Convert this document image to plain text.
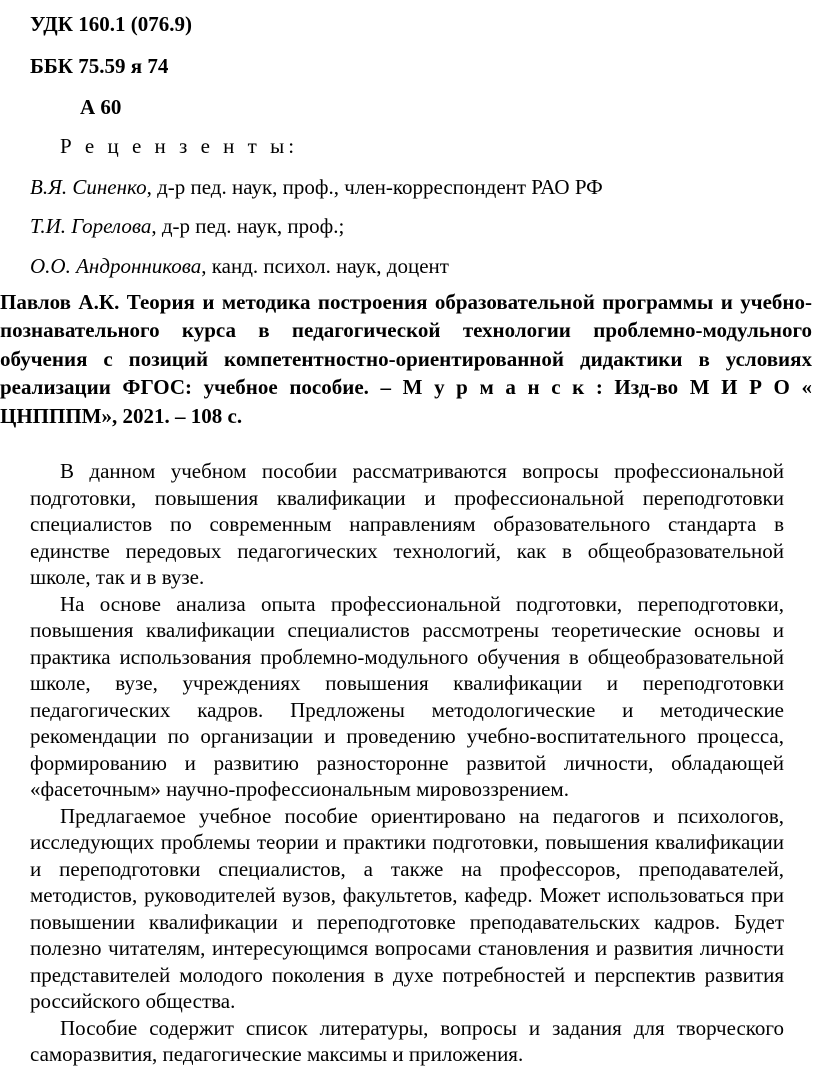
УДК 160.1 (076.9)
ББК 75.59 я 74
А 60
Р е ц е н з е н т ы:
В.Я. Синенко, д-р пед. наук, проф., член-корреспондент РАО РФ
Т.И. Горелова, д-р пед. наук, проф.;
О.О. Андронникова, канд. психол. наук, доцент
Павлов А.К. Теория и методика построения образовательной программы и учебно-познавательного курса в педагогической технологии проблемно-модульного обучения с позиций компетентностно-ориентированной дидактики в условиях реализации ФГОС: учебное пособие. – М у р м а н с к : Изд-во М И Р О « ЦНПППМ», 2021. – 108 с.

В данном учебном пособии рассматриваются вопросы профессиональной подготовки, повышения квалификации и профессиональной переподготовки специалистов по современным направлениям образовательного стандарта в единстве передовых педагогических технологий, как в общеобразовательной школе, так и в вузе.

На основе анализа опыта профессиональной подготовки, переподготовки, повышения квалификации специалистов рассмотрены теоретические основы и практика использования проблемно-модульного обучения в общеобразовательной школе, вузе, учреждениях повышения квалификации и переподготовки педагогических кадров. Предложены методологические и методические рекомендации по организации и проведению учебно-воспитательного процесса, формированию и развитию разносторонне развитой личности, обладающей «фасеточным» научно-профессиональным мировоззрением.

Предлагаемое учебное пособие ориентировано на педагогов и психологов, исследующих проблемы теории и практики подготовки, повышения квалификации и переподготовки специалистов, а также на профессоров, преподавателей, методистов, руководителей вузов, факультетов, кафедр. Может использоваться при повышении квалификации и переподготовке преподавательских кадров. Будет полезно читателям, интересующимся вопросами становления и развития личности представителей молодого поколения в духе потребностей и перспектив развития российского общества.

Пособие содержит список литературы, вопросы и задания для творческого саморазвития, педагогические максимы и приложения.
